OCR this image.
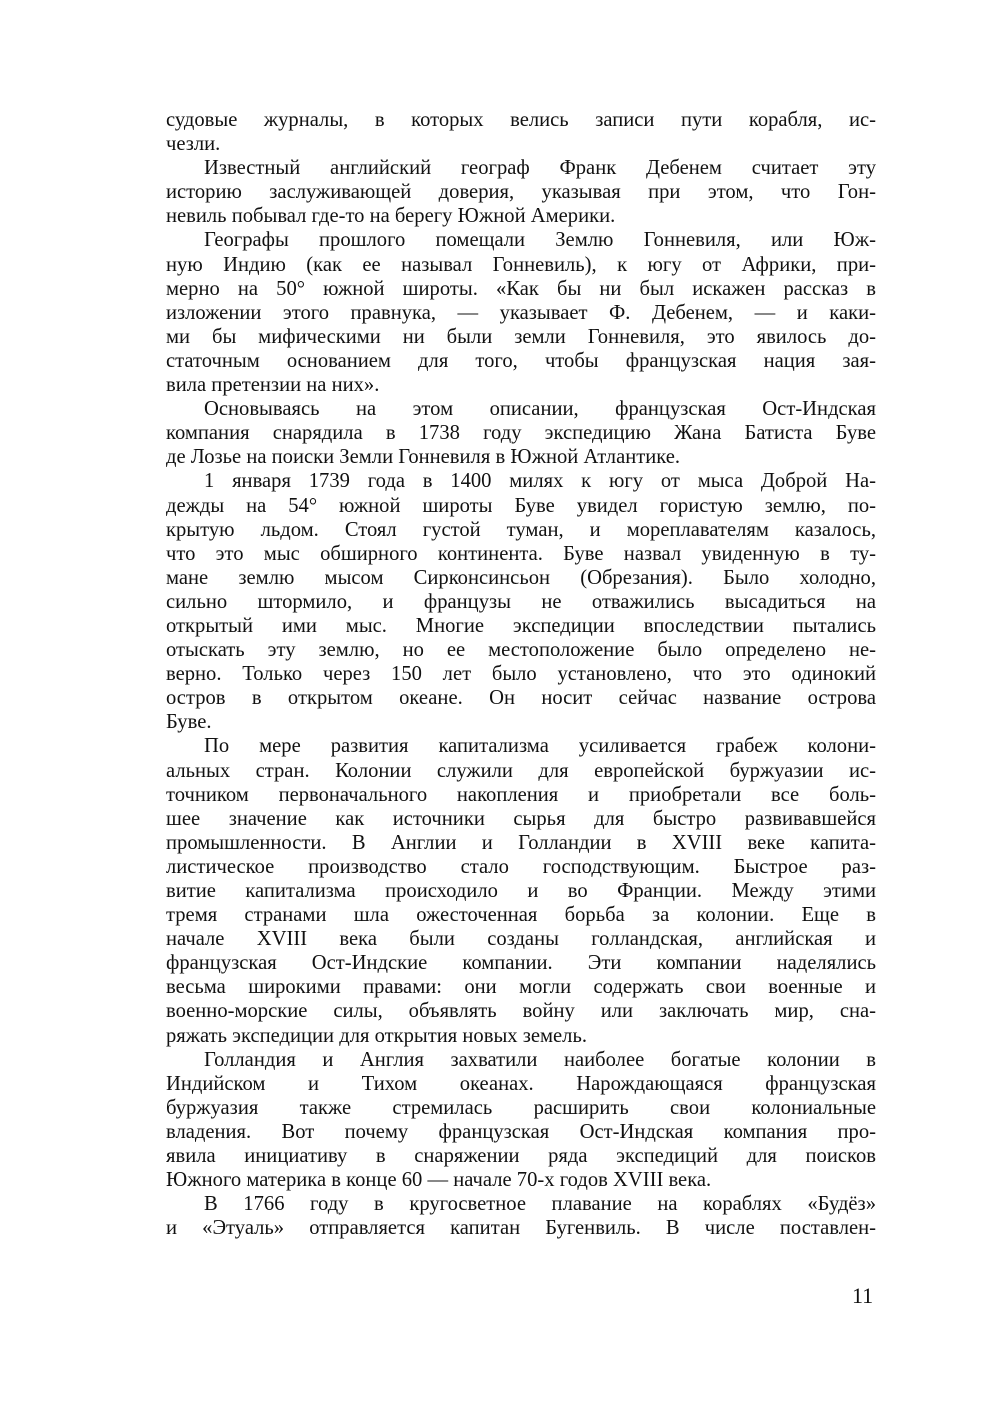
судовые журналы, в которых велись записи пути корабля, ис-
чезли.
Известный английский географ Франк Дебенем считает эту
историю заслуживающей доверия, указывая при этом, что Гон-
невиль побывал где-то на берегу Южной Америки.
Географы прошлого помещали Землю Гонневиля, или Юж-
ную Индию (как ее называл Гонневиль), к югу от Африки, при-
мерно на 50° южной широты. «Как бы ни был искажен рассказ в
изложении этого правнука, — указывает Ф. Дебенем, — и каки-
ми бы мифическими ни были земли Гонневиля, это явилось до-
статочным основанием для того, чтобы французская нация зая-
вила претензии на них».
Основываясь на этом описании, французская Ост-Индская
компания снарядила в 1738 году экспедицию Жана Батиста Буве
де Лозье на поиски Земли Гонневиля в Южной Атлантике.
1 января 1739 года в 1400 милях к югу от мыса Доброй На-
дежды на 54° южной широты Буве увидел гористую землю, по-
крытую льдом. Стоял густой туман, и мореплавателям казалось,
что это мыс обширного континента. Буве назвал увиденную в ту-
мане землю мысом Сирконсинсьон (Обрезания). Было холодно,
сильно штормило, и французы не отважились высадиться на
открытый ими мыс. Многие экспедиции впоследствии пытались
отыскать эту землю, но ее местоположение было определено не-
верно. Только через 150 лет было установлено, что это одинокий
остров в открытом океане. Он носит сейчас название острова
Буве.
По мере развития капитализма усиливается грабеж колони-
альных стран. Колонии служили для европейской буржуазии ис-
точником первоначального накопления и приобретали все боль-
шее значение как источники сырья для быстро развивавшейся
промышленности. В Англии и Голландии в XVIII веке капита-
листическое производство стало господствующим. Быстрое раз-
витие капитализма происходило и во Франции. Между этими
тремя странами шла ожесточенная борьба за колонии. Еще в
начале XVIII века были созданы голландская, английская и
французская Ост-Индские компании. Эти компании наделялись
весьма широкими правами: они могли содержать свои военные и
военно-морские силы, объявлять войну или заключать мир, сна-
ряжать экспедиции для открытия новых земель.
Голландия и Англия захватили наиболее богатые колонии в
Индийском и Тихом океанах. Нарождающаяся французская
буржуазия также стремилась расширить свои колониальные
владения. Вот почему французская Ост-Индская компания про-
явила инициативу в снаряжении ряда экспедиций для поисков
Южного материка в конце 60 — начале 70-х годов XVIII века.
В 1766 году в кругосветное плавание на кораблях «Будёз»
и «Этуаль» отправляется капитан Бугенвиль. В числе поставлен-
11
